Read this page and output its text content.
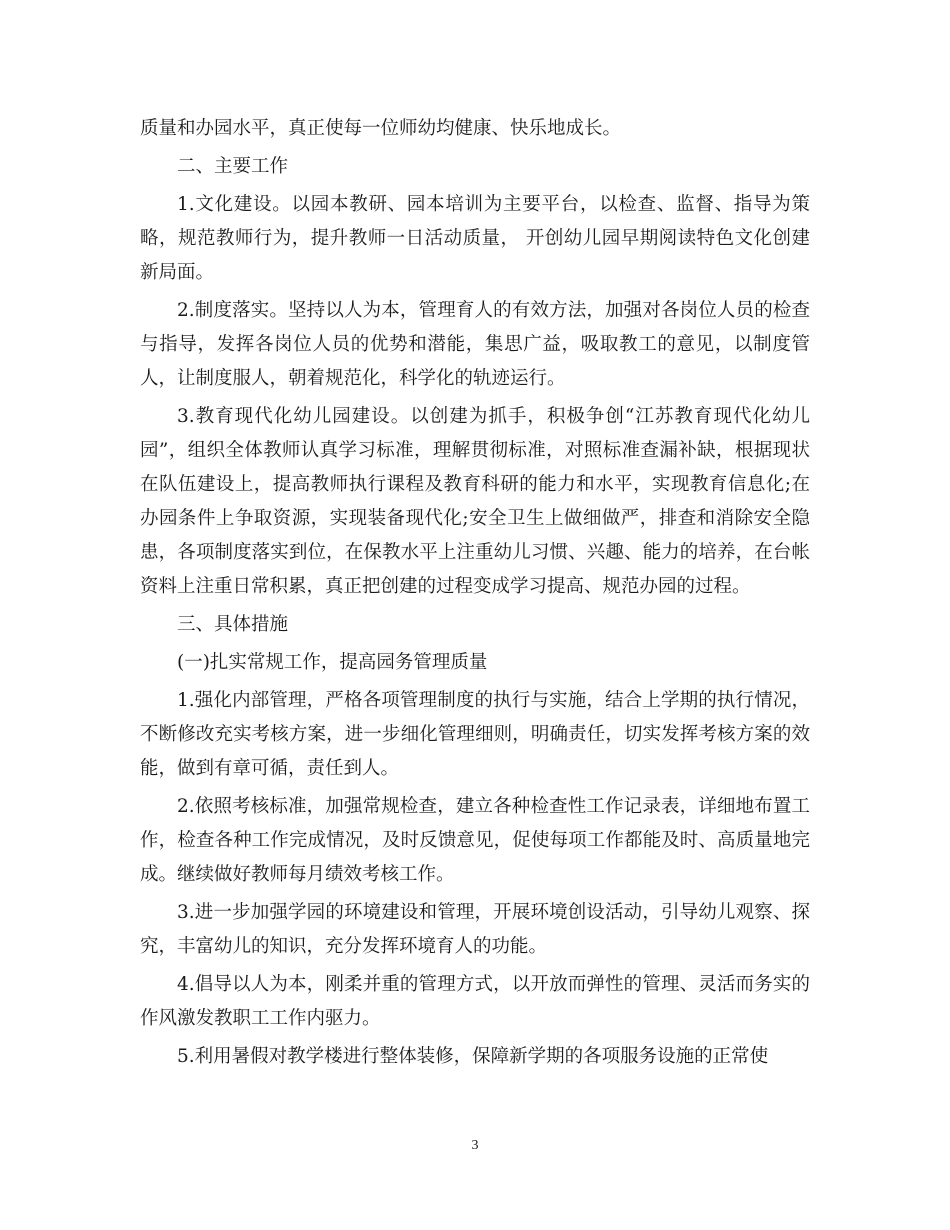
质量和办园水平，真正使每一位师幼均健康、快乐地成长。

二、主要工作

1.文化建设。以园本教研、园本培训为主要平台，以检查、监督、指导为策略，规范教师行为，提升教师一日活动质量， 开创幼儿园早期阅读特色文化创建新局面。

2.制度落实。坚持以人为本，管理育人的有效方法，加强对各岗位人员的检查与指导，发挥各岗位人员的优势和潜能，集思广益，吸取教工的意见，以制度管人，让制度服人，朝着规范化，科学化的轨迹运行。

3.教育现代化幼儿园建设。以创建为抓手，积极争创“江苏教育现代化幼儿园”，组织全体教师认真学习标准，理解贯彻标准，对照标准查漏补缺，根据现状在队伍建设上，提高教师执行课程及教育科研的能力和水平，实现教育信息化;在办园条件上争取资源，实现装备现代化;安全卫生上做细做严，排查和消除安全隐患，各项制度落实到位，在保教水平上注重幼儿习惯、兴趣、能力的培养，在台帐资料上注重日常积累，真正把创建的过程变成学习提高、规范办园的过程。

三、具体措施

(一)扎实常规工作，提高园务管理质量

1.强化内部管理，严格各项管理制度的执行与实施，结合上学期的执行情况，不断修改充实考核方案，进一步细化管理细则，明确责任，切实发挥考核方案的效能，做到有章可循，责任到人。

2.依照考核标准，加强常规检查，建立各种检查性工作记录表，详细地布置工作，检查各种工作完成情况，及时反馈意见，促使每项工作都能及时、高质量地完成。继续做好教师每月绩效考核工作。

3.进一步加强学园的环境建设和管理，开展环境创设活动，引导幼儿观察、探究，丰富幼儿的知识，充分发挥环境育人的功能。

4.倡导以人为本，刚柔并重的管理方式，以开放而弹性的管理、灵活而务实的作风激发教职工工作内驱力。

5.利用暑假对教学楼进行整体装修，保障新学期的各项服务设施的正常使

3
